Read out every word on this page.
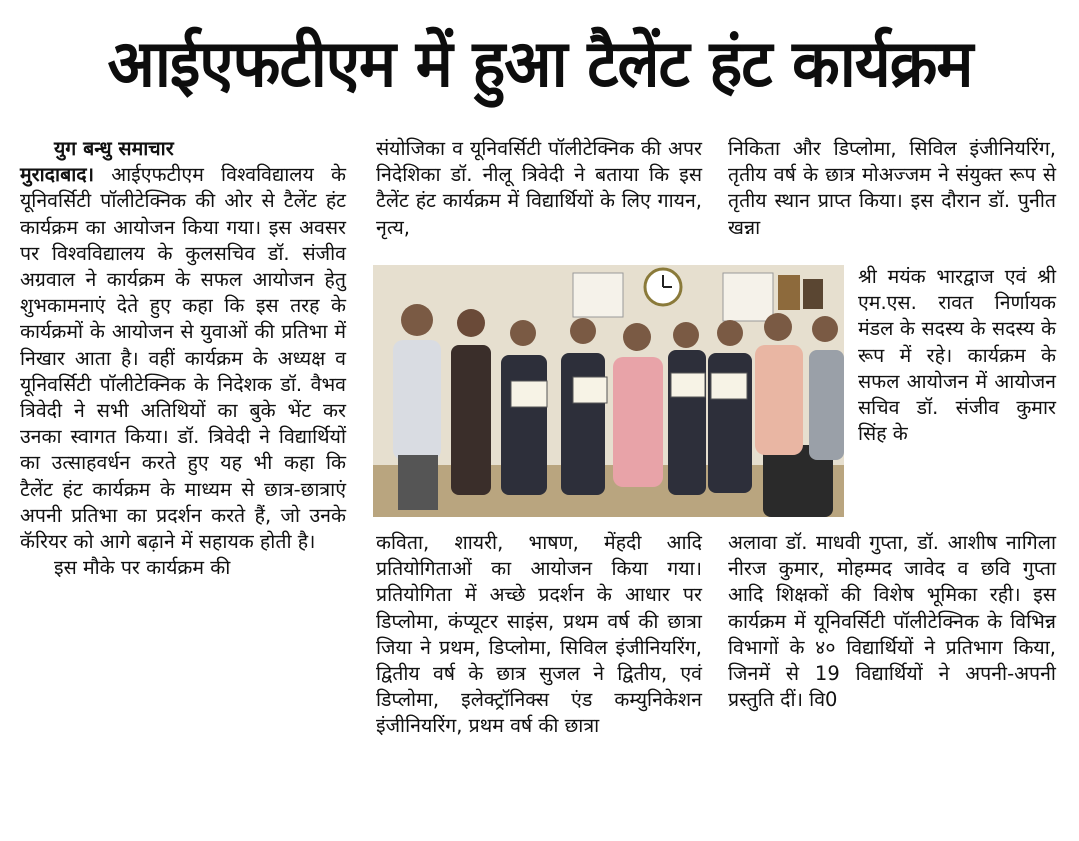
आईएफटीएम में हुआ टैलेंट हंट कार्यक्रम

युग बन्धु समाचार

मुरादाबाद। आईएफटीएम विश्वविद्यालय के यूनिवर्सिटी पॉलीटेक्निक की ओर से टैलेंट हंट कार्यक्रम का आयोजन किया गया। इस अवसर पर विश्वविद्यालय के कुलसचिव डॉ. संजीव अग्रवाल ने कार्यक्रम के सफल आयोजन हेतु शुभकामनाएं देते हुए कहा कि इस तरह के कार्यक्रमों के आयोजन से युवाओं की प्रतिभा में निखार आता है। वहीं कार्यक्रम के अध्यक्ष व यूनिवर्सिटी पॉलीटेक्निक के निदेशक डॉ. वैभव त्रिवेदी ने सभी अतिथियों का बुके भेंट कर उनका स्वागत किया। डॉ. त्रिवेदी ने विद्यार्थियों का उत्साहवर्धन करते हुए यह भी कहा कि टैलेंट हंट कार्यक्रम के माध्यम से छात्र-छात्राएं अपनी प्रतिभा का प्रदर्शन करते हैं, जो उनके कॅरियर को आगे बढ़ाने में सहायक होती है।

इस मौके पर कार्यक्रम की

संयोजिका व यूनिवर्सिटी पॉलीटेक्निक की अपर निदेशिका डॉ. नीलू त्रिवेदी ने बताया कि इस टैलेंट हंट कार्यक्रम में विद्यार्थियों के लिए गायन, नृत्य,
कविता, शायरी, भाषण, मेंहदी आदि प्रतियोगिताओं का आयोजन किया गया। प्रतियोगिता में अच्छे प्रदर्शन के आधार पर डिप्लोमा, कंप्यूटर साइंस, प्रथम वर्ष की छात्रा जिया ने प्रथम, डिप्लोमा, सिविल इंजीनियरिंग, द्वितीय वर्ष के छात्र सुजल ने द्वितीय, एवं डिप्लोमा, इलेक्ट्रॉनिक्स एंड कम्युनिकेशन इंजीनियरिंग, प्रथम वर्ष की छात्रा
निकिता और डिप्लोमा, सिविल इंजीनियरिंग, तृतीय वर्ष के छात्र मोअज्जम ने संयुक्त रूप से तृतीय स्थान प्राप्त किया। इस दौरान डॉ. पुनीत खन्ना
श्री मयंक भारद्वाज एवं श्री एम.एस. रावत निर्णायक मंडल के सदस्य के सदस्य के रूप में रहे। कार्यक्रम के सफल आयोजन में आयोजन सचिव डॉ. संजीव कुमार सिंह के
अलावा डॉ. माधवी गुप्ता, डॉ. आशीष नागिला नीरज कुमार, मोहम्मद जावेद व छवि गुप्ता आदि शिक्षकों की विशेष भूमिका रही। इस कार्यक्रम में यूनिवर्सिटी पॉलीटेक्निक के विभिन्न विभागों के ४० विद्यार्थियों ने प्रतिभाग किया, जिनमें से 19 विद्यार्थियों ने अपनी-अपनी प्रस्तुति दीं। वि0
